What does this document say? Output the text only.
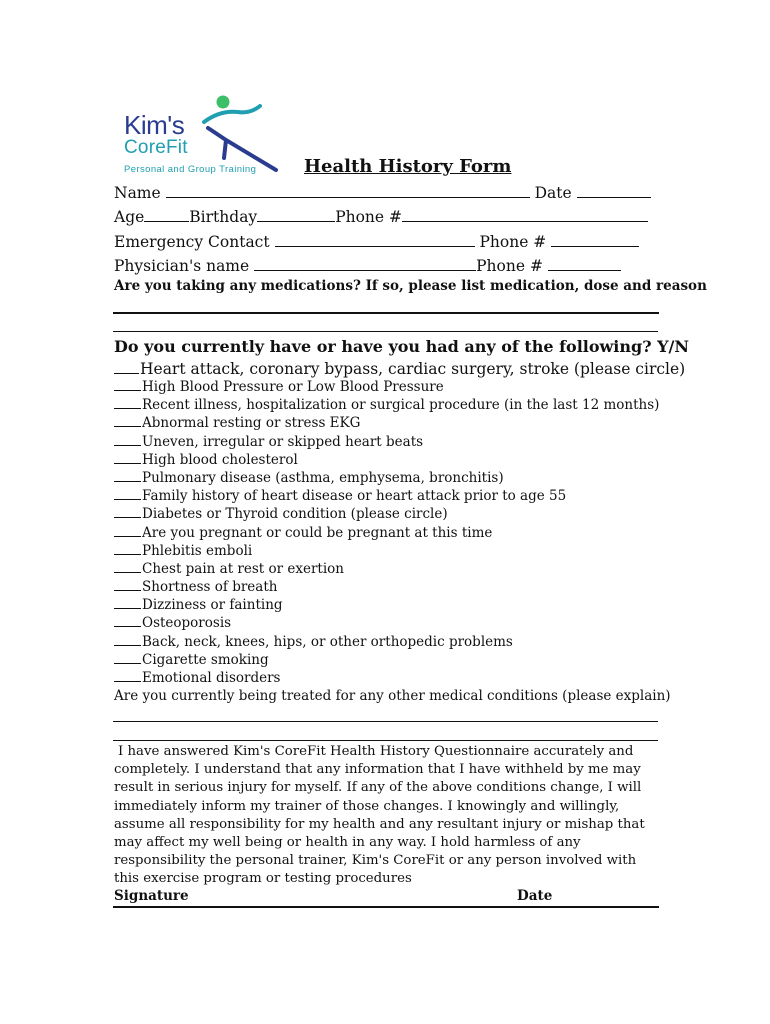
Kim's
CoreFit
Personal and Group Training	Health History Form
Name	Date
Age	Birthday	Phone #
Emergency Contact	Phone #
Physician's name	Phone #
Are you taking any medications? If so, please list medication, dose and reason
Do you currently have or have you had any of the following? Y/N
Heart attack, coronary bypass, cardiac surgery, stroke (please circle)
High Blood Pressure or Low Blood Pressure
Recent illness, hospitalization or surgical procedure (in the last 12 months)
Abnormal resting or stress EKG
Uneven, irregular or skipped heart beats
High blood cholesterol
Pulmonary disease (asthma, emphysema, bronchitis)
Family history of heart disease or heart attack prior to age 55
Diabetes or Thyroid condition (please circle)
Are you pregnant or could be pregnant at this time
Phlebitis emboli
Chest pain at rest or exertion
Shortness of breath
Dizziness or fainting
Osteoporosis
Back, neck, knees, hips, or other orthopedic problems
Cigarette smoking
Emotional disorders
Are you currently being treated for any other medical conditions (please explain)
I have answered Kim's CoreFit Health History Questionnaire accurately and completely. I understand that any information that I have withheld by me may result in serious injury for myself. If any of the above conditions change, I will immediately inform my trainer of those changes. I knowingly and willingly, assume all responsibility for my health and any resultant injury or mishap that may affect my well being or health in any way. I hold harmless of any responsibility the personal trainer, Kim's CoreFit or any person involved with this exercise program or testing procedures
Signature	Date
